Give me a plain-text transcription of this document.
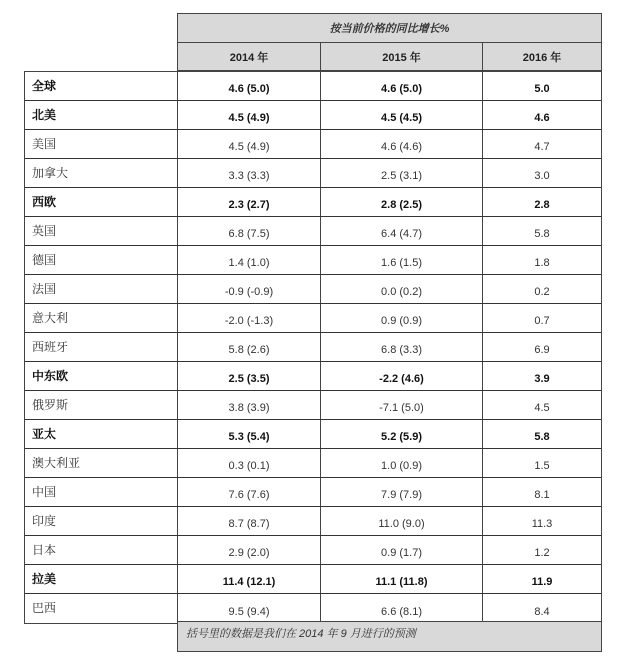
按当前价格的同比增长%
2014 年	2015 年	2016 年
全球	4.6 (5.0)	4.6 (5.0)	5.0
北美	4.5 (4.9)	4.5 (4.5)	4.6
美国	4.5 (4.9)	4.6 (4.6)	4.7
加拿大	3.3 (3.3)	2.5 (3.1)	3.0
西欧	2.3 (2.7)	2.8 (2.5)	2.8
英国	6.8 (7.5)	6.4 (4.7)	5.8
德国	1.4 (1.0)	1.6 (1.5)	1.8
法国	-0.9 (-0.9)	0.0 (0.2)	0.2
意大利	-2.0 (-1.3)	0.9 (0.9)	0.7
西班牙	5.8 (2.6)	6.8 (3.3)	6.9
中东欧	2.5 (3.5)	-2.2 (4.6)	3.9
俄罗斯	3.8 (3.9)	-7.1 (5.0)	4.5
亚太	5.3 (5.4)	5.2 (5.9)	5.8
澳大利亚	0.3 (0.1)	1.0 (0.9)	1.5
中国	7.6 (7.6)	7.9 (7.9)	8.1
印度	8.7 (8.7)	11.0 (9.0)	11.3
日本	2.9 (2.0)	0.9 (1.7)	1.2
拉美	11.4 (12.1)	11.1 (11.8)	11.9
巴西	9.5 (9.4)	6.6 (8.1)	8.4
括号里的数据是我们在 2014 年 9 月进行的预测
